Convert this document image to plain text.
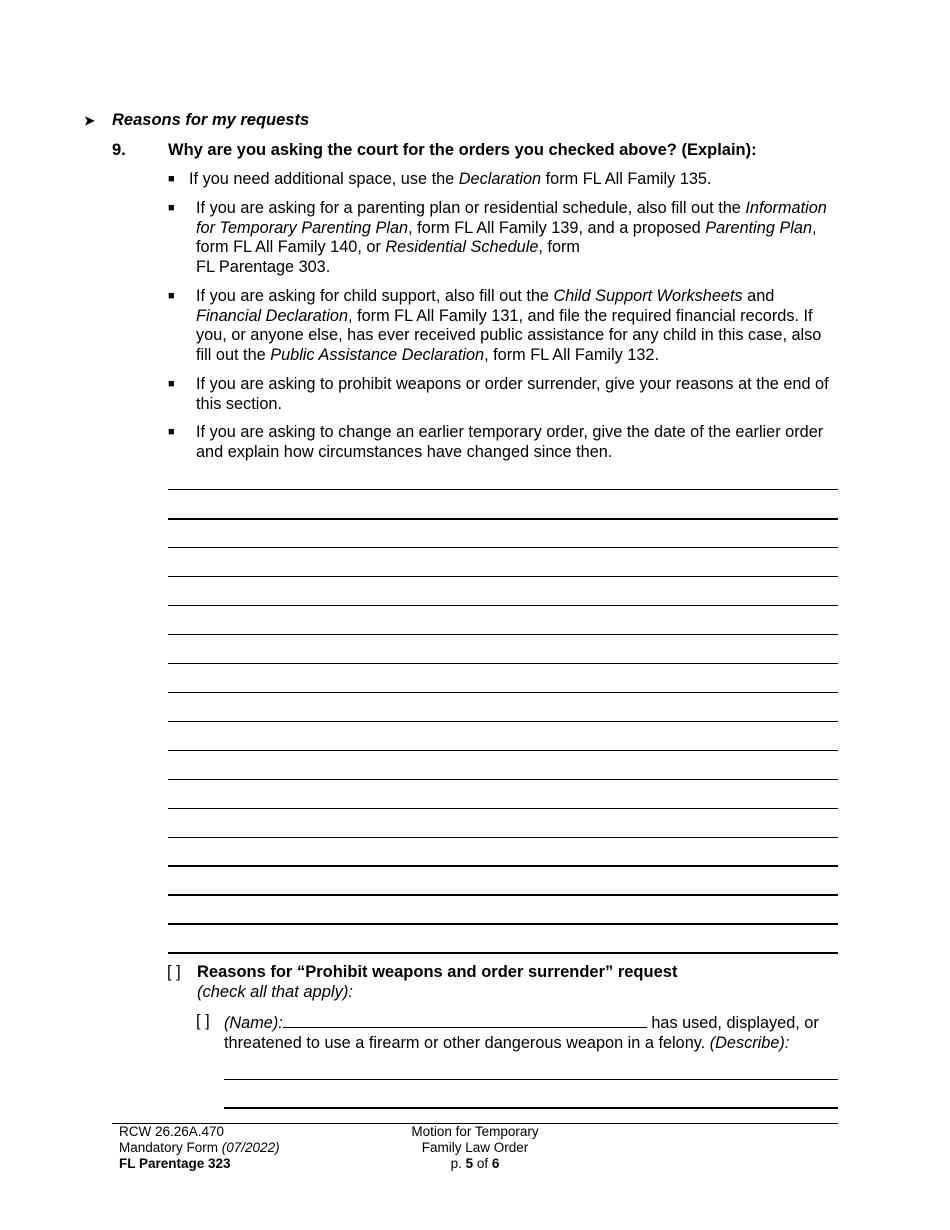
➤ Reasons for my requests
9.	Why are you asking the court for the orders you checked above? (Explain):
■ If you need additional space, use the Declaration form FL All Family 135.
■ If you are asking for a parenting plan or residential schedule, also fill out the Information for Temporary Parenting Plan, form FL All Family 139, and a proposed Parenting Plan, form FL All Family 140, or Residential Schedule, form
FL Parentage 303.
■ If you are asking for child support, also fill out the Child Support Worksheets and Financial Declaration, form FL All Family 131, and file the required financial records. If you, or anyone else, has ever received public assistance for any child in this case, also fill out the Public Assistance Declaration, form FL All Family 132.
■ If you are asking to prohibit weapons or order surrender, give your reasons at the end of this section.
■ If you are asking to change an earlier temporary order, give the date of the earlier order and explain how circumstances have changed since then.
[ ] Reasons for “Prohibit weapons and order surrender” request
(check all that apply):
[ ] (Name):	has used, displayed, or threatened to use a firearm or other dangerous weapon in a felony. (Describe):
RCW 26.26A.470
Mandatory Form (07/2022)
FL Parentage 323
Motion for Temporary
Family Law Order
p. 5 of 6
